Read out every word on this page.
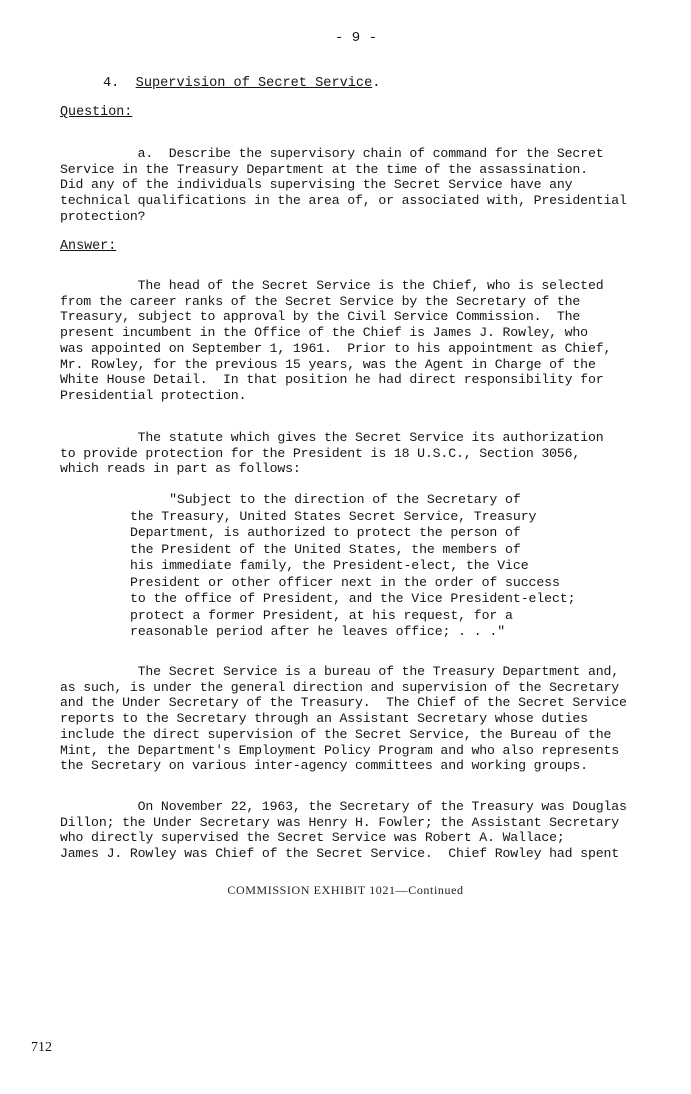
- 9 -
4. Supervision of Secret Service.
Question:
a.  Describe the supervisory chain of command for the Secret
Service in the Treasury Department at the time of the assassination.
Did any of the individuals supervising the Secret Service have any
technical qualifications in the area of, or associated with, Presidential
protection?
Answer:
The head of the Secret Service is the Chief, who is selected
from the career ranks of the Secret Service by the Secretary of the
Treasury, subject to approval by the Civil Service Commission.  The
present incumbent in the Office of the Chief is James J. Rowley, who
was appointed on September 1, 1961.  Prior to his appointment as Chief,
Mr. Rowley, for the previous 15 years, was the Agent in Charge of the
White House Detail.  In that position he had direct responsibility for
Presidential protection.
The statute which gives the Secret Service its authorization
to provide protection for the President is 18 U.S.C., Section 3056,
which reads in part as follows:
"Subject to the direction of the Secretary of
the Treasury, United States Secret Service, Treasury
Department, is authorized to protect the person of
the President of the United States, the members of
his immediate family, the President-elect, the Vice
President or other officer next in the order of success
to the office of President, and the Vice President-elect;
protect a former President, at his request, for a
reasonable period after he leaves office; . . ."
The Secret Service is a bureau of the Treasury Department and,
as such, is under the general direction and supervision of the Secretary
and the Under Secretary of the Treasury.  The Chief of the Secret Service
reports to the Secretary through an Assistant Secretary whose duties
include the direct supervision of the Secret Service, the Bureau of the
Mint, the Department's Employment Policy Program and who also represents
the Secretary on various inter-agency committees and working groups.
On November 22, 1963, the Secretary of the Treasury was Douglas
Dillon; the Under Secretary was Henry H. Fowler; the Assistant Secretary
who directly supervised the Secret Service was Robert A. Wallace;
James J. Rowley was Chief of the Secret Service.  Chief Rowley had spent
COMMISSION EXHIBIT 1021—Continued
712
